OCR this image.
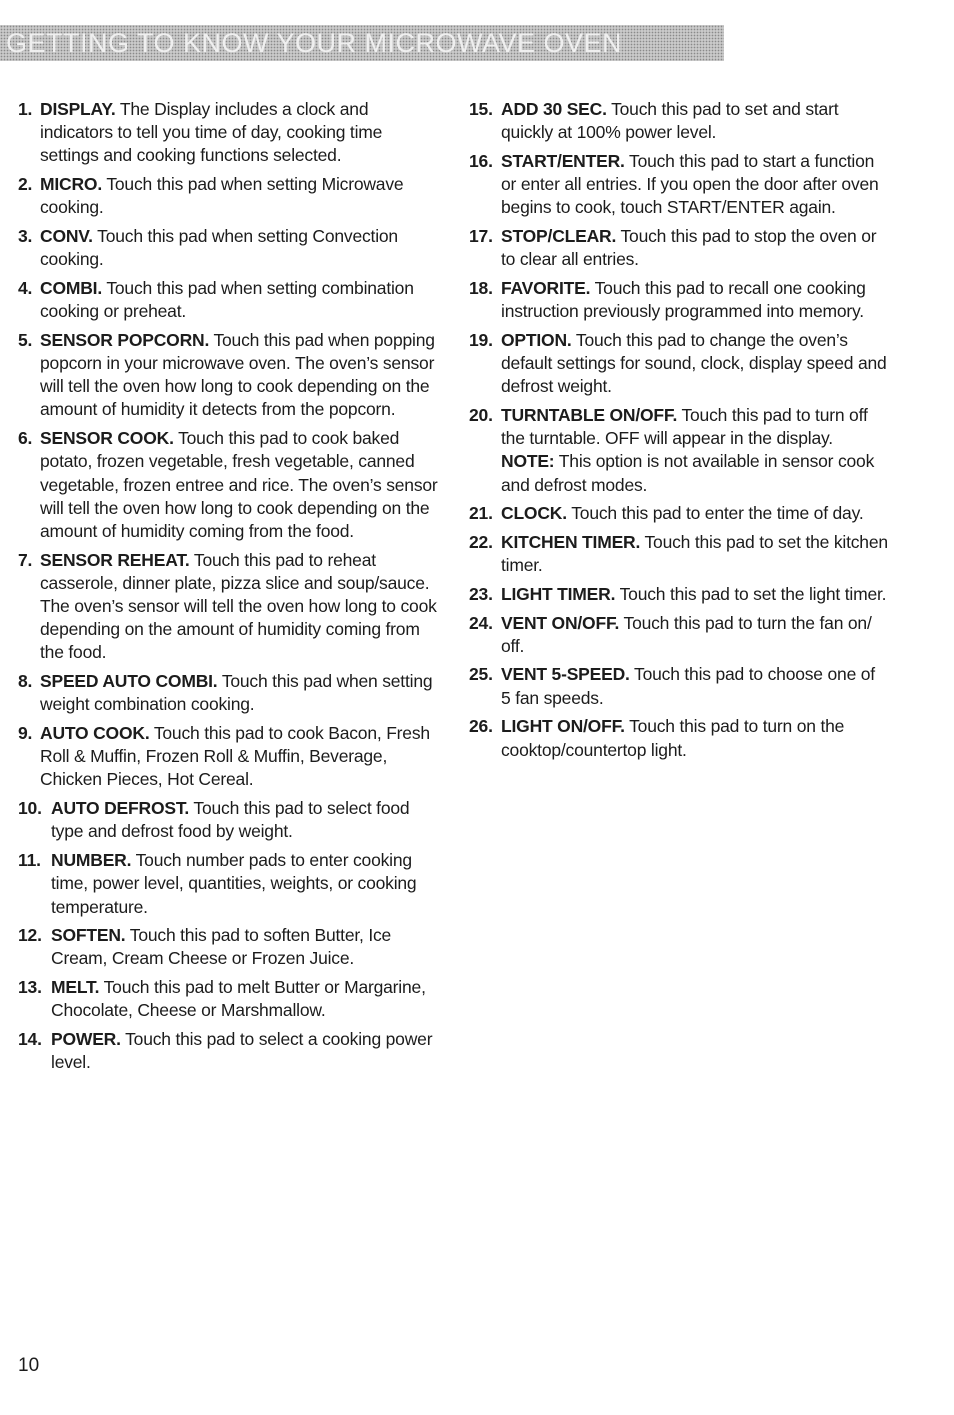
GETTING TO KNOW YOUR MICROWAVE OVEN
1. DISPLAY. The Display includes a clock and indicators to tell you time of day, cooking time settings and cooking functions selected.
2. MICRO. Touch this pad when setting Microwave cooking.
3. CONV. Touch this pad when setting Convection cooking.
4. COMBI. Touch this pad when setting combination cooking or preheat.
5. SENSOR POPCORN. Touch this pad when popping popcorn in your microwave oven. The oven’s sensor will tell the oven how long to cook depending on the amount of humidity it detects from the popcorn.
6. SENSOR COOK. Touch this pad to cook baked potato, frozen vegetable, fresh vegetable, canned vegetable, frozen entree and rice. The oven’s sensor will tell the oven how long to cook depending on the amount of humidity coming from the food.
7. SENSOR REHEAT. Touch this pad to reheat casserole, dinner plate, pizza slice and soup/sauce. The oven’s sensor will tell the oven how long to cook depending on the amount of humidity coming from the food.
8. SPEED AUTO COMBI. Touch this pad when setting weight combination cooking.
9. AUTO COOK. Touch this pad to cook Bacon, Fresh Roll & Muffin, Frozen Roll & Muffin, Beverage, Chicken Pieces, Hot Cereal.
10. AUTO DEFROST. Touch this pad to select food type and defrost food by weight.
11. NUMBER. Touch number pads to enter cooking time, power level, quantities, weights, or cooking temperature.
12. SOFTEN. Touch this pad to soften Butter, Ice Cream, Cream Cheese or Frozen Juice.
13. MELT. Touch this pad to melt Butter or Margarine, Chocolate, Cheese or Marshmallow.
14. POWER. Touch this pad to select a cooking power level.
15. ADD 30 SEC. Touch this pad to set and start quickly at 100% power level.
16. START/ENTER. Touch this pad to start a function or enter all entries. If you open the door after oven begins to cook, touch START/ENTER again.
17. STOP/CLEAR. Touch this pad to stop the oven or to clear all entries.
18. FAVORITE. Touch this pad to recall one cooking instruction previously programmed into memory.
19. OPTION. Touch this pad to change the oven’s default settings for sound, clock, display speed and defrost weight.
20. TURNTABLE ON/OFF. Touch this pad to turn off the turntable. OFF will appear in the display. NOTE: This option is not available in sensor cook and defrost modes.
21. CLOCK. Touch this pad to enter the time of day.
22. KITCHEN TIMER. Touch this pad to set the kitchen timer.
23. LIGHT TIMER. Touch this pad to set the light timer.
24. VENT ON/OFF. Touch this pad to turn the fan on/ off.
25. VENT 5-SPEED. Touch this pad to choose one of 5 fan speeds.
26. LIGHT ON/OFF. Touch this pad to turn on the cooktop/countertop light.
10
